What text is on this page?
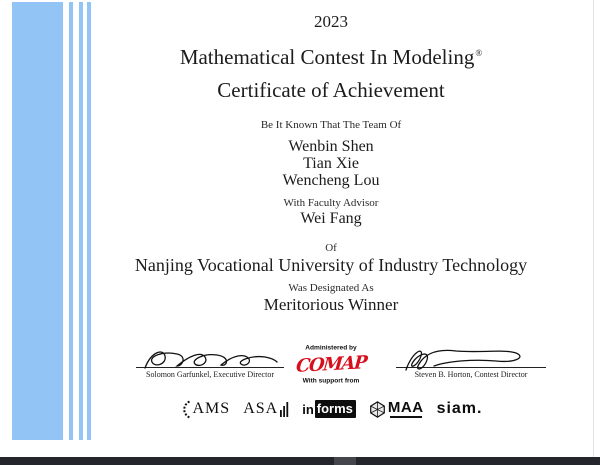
2023
Mathematical Contest In Modeling®
Certificate of Achievement
Be It Known That The Team Of
Wenbin Shen
Tian Xie
Wencheng Lou
With Faculty Advisor
Wei Fang
Of
Nanjing Vocational University of Industry Technology
Was Designated As
Meritorious Winner
Solomon Garfunkel, Executive Director
Administered by
COMAP
With support from
Steven B. Horton, Contest Director
AMS ASA in forms MAA siam.
